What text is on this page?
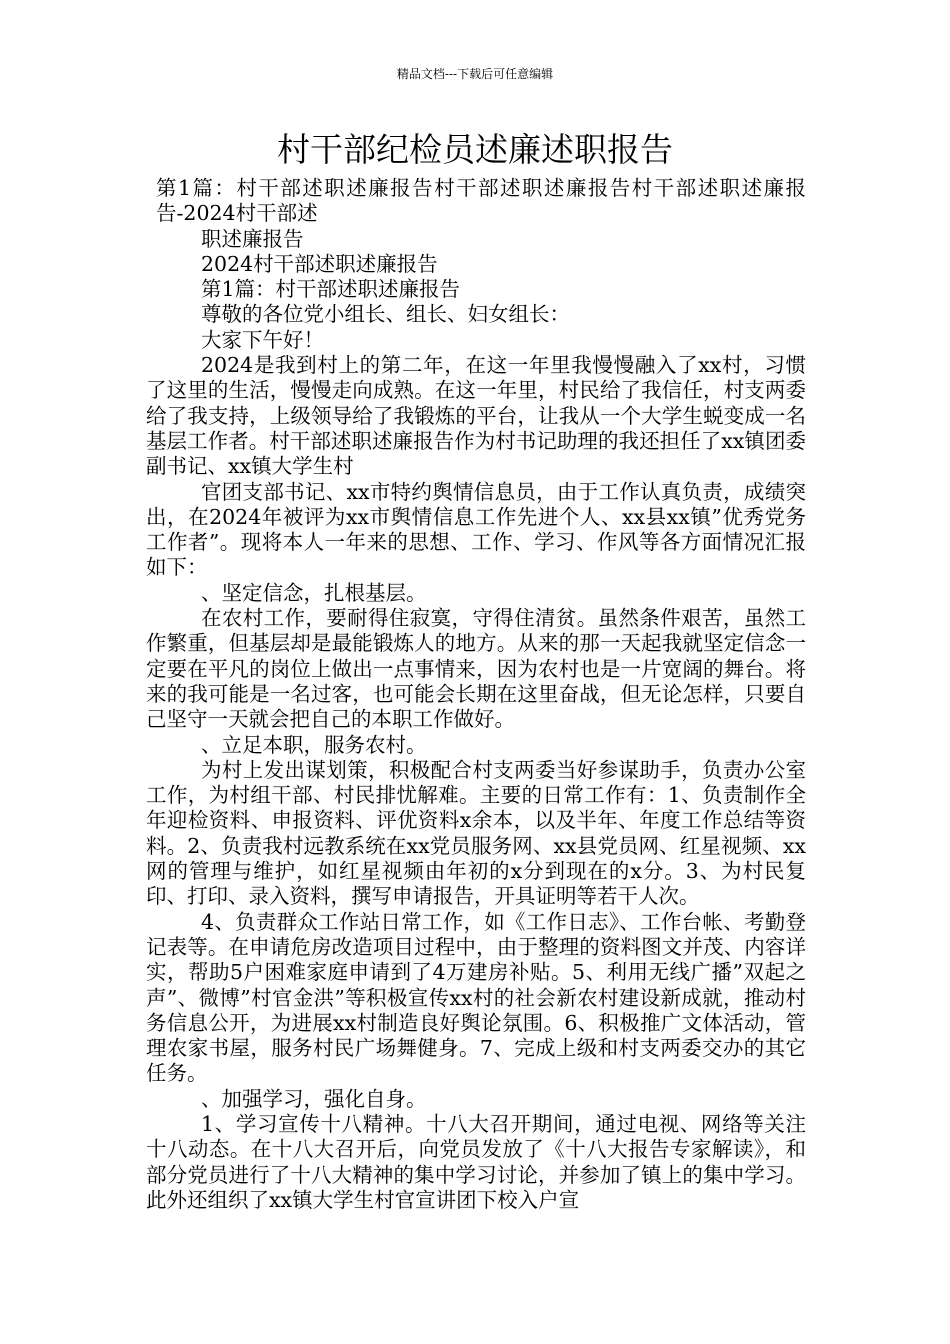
精品文档---下载后可任意编辑
村干部纪检员述廉述职报告

第1篇：村干部述职述廉报告村干部述职述廉报告村干部述职述廉报告-2024村干部述

职述廉报告

2024村干部述职述廉报告

第1篇：村干部述职述廉报告

尊敬的各位党小组长、组长、妇女组长：

大家下午好！

2024是我到村上的第二年，在这一年里我慢慢融入了xx村，习惯了这里的生活，慢慢走向成熟。在这一年里，村民给了我信任，村支两委给了我支持，上级领导给了我锻炼的平台，让我从一个大学生蜕变成一名基层工作者。村干部述职述廉报告作为村书记助理的我还担任了xx镇团委副书记、xx镇大学生村

官团支部书记、xx市特约舆情信息员，由于工作认真负责，成绩突出，在2024年被评为xx市舆情信息工作先进个人、xx县xx镇”优秀党务工作者”。现将本人一年来的思想、工作、学习、作风等各方面情况汇报如下：

、坚定信念，扎根基层。

在农村工作，要耐得住寂寞，守得住清贫。虽然条件艰苦，虽然工作繁重，但基层却是最能锻炼人的地方。从来的那一天起我就坚定信念一定要在平凡的岗位上做出一点事情来，因为农村也是一片宽阔的舞台。将来的我可能是一名过客，也可能会长期在这里奋战，但无论怎样，只要自己坚守一天就会把自己的本职工作做好。

、立足本职，服务农村。

为村上发出谋划策，积极配合村支两委当好参谋助手，负责办公室工作，为村组干部、村民排忧解难。主要的日常工作有：1、负责制作全年迎检资料、申报资料、评优资料x余本，以及半年、年度工作总结等资料。2、负责我村远教系统在xx党员服务网、xx县党员网、红星视频、xx网的管理与维护，如红星视频由年初的x分到现在的x分。3、为村民复印、打印、录入资料，撰写申请报告，开具证明等若干人次。

4、负责群众工作站日常工作，如《工作日志》、工作台帐、考勤登记表等。在申请危房改造项目过程中，由于整理的资料图文并茂、内容详实，帮助5户困难家庭申请到了4万建房补贴。5、利用无线广播”双起之声”、微博”村官金洪”等积极宣传xx村的社会新农村建设新成就，推动村务信息公开，为进展xx村制造良好舆论氛围。6、积极推广文体活动，管理农家书屋，服务村民广场舞健身。7、完成上级和村支两委交办的其它任务。

、加强学习，强化自身。

1、学习宣传十八精神。十八大召开期间，通过电视、网络等关注十八动态。在十八大召开后，向党员发放了《十八大报告专家解读》，和部分党员进行了十八大精神的集中学习讨论，并参加了镇上的集中学习。此外还组织了xx镇大学生村官宣讲团下校入户宣
